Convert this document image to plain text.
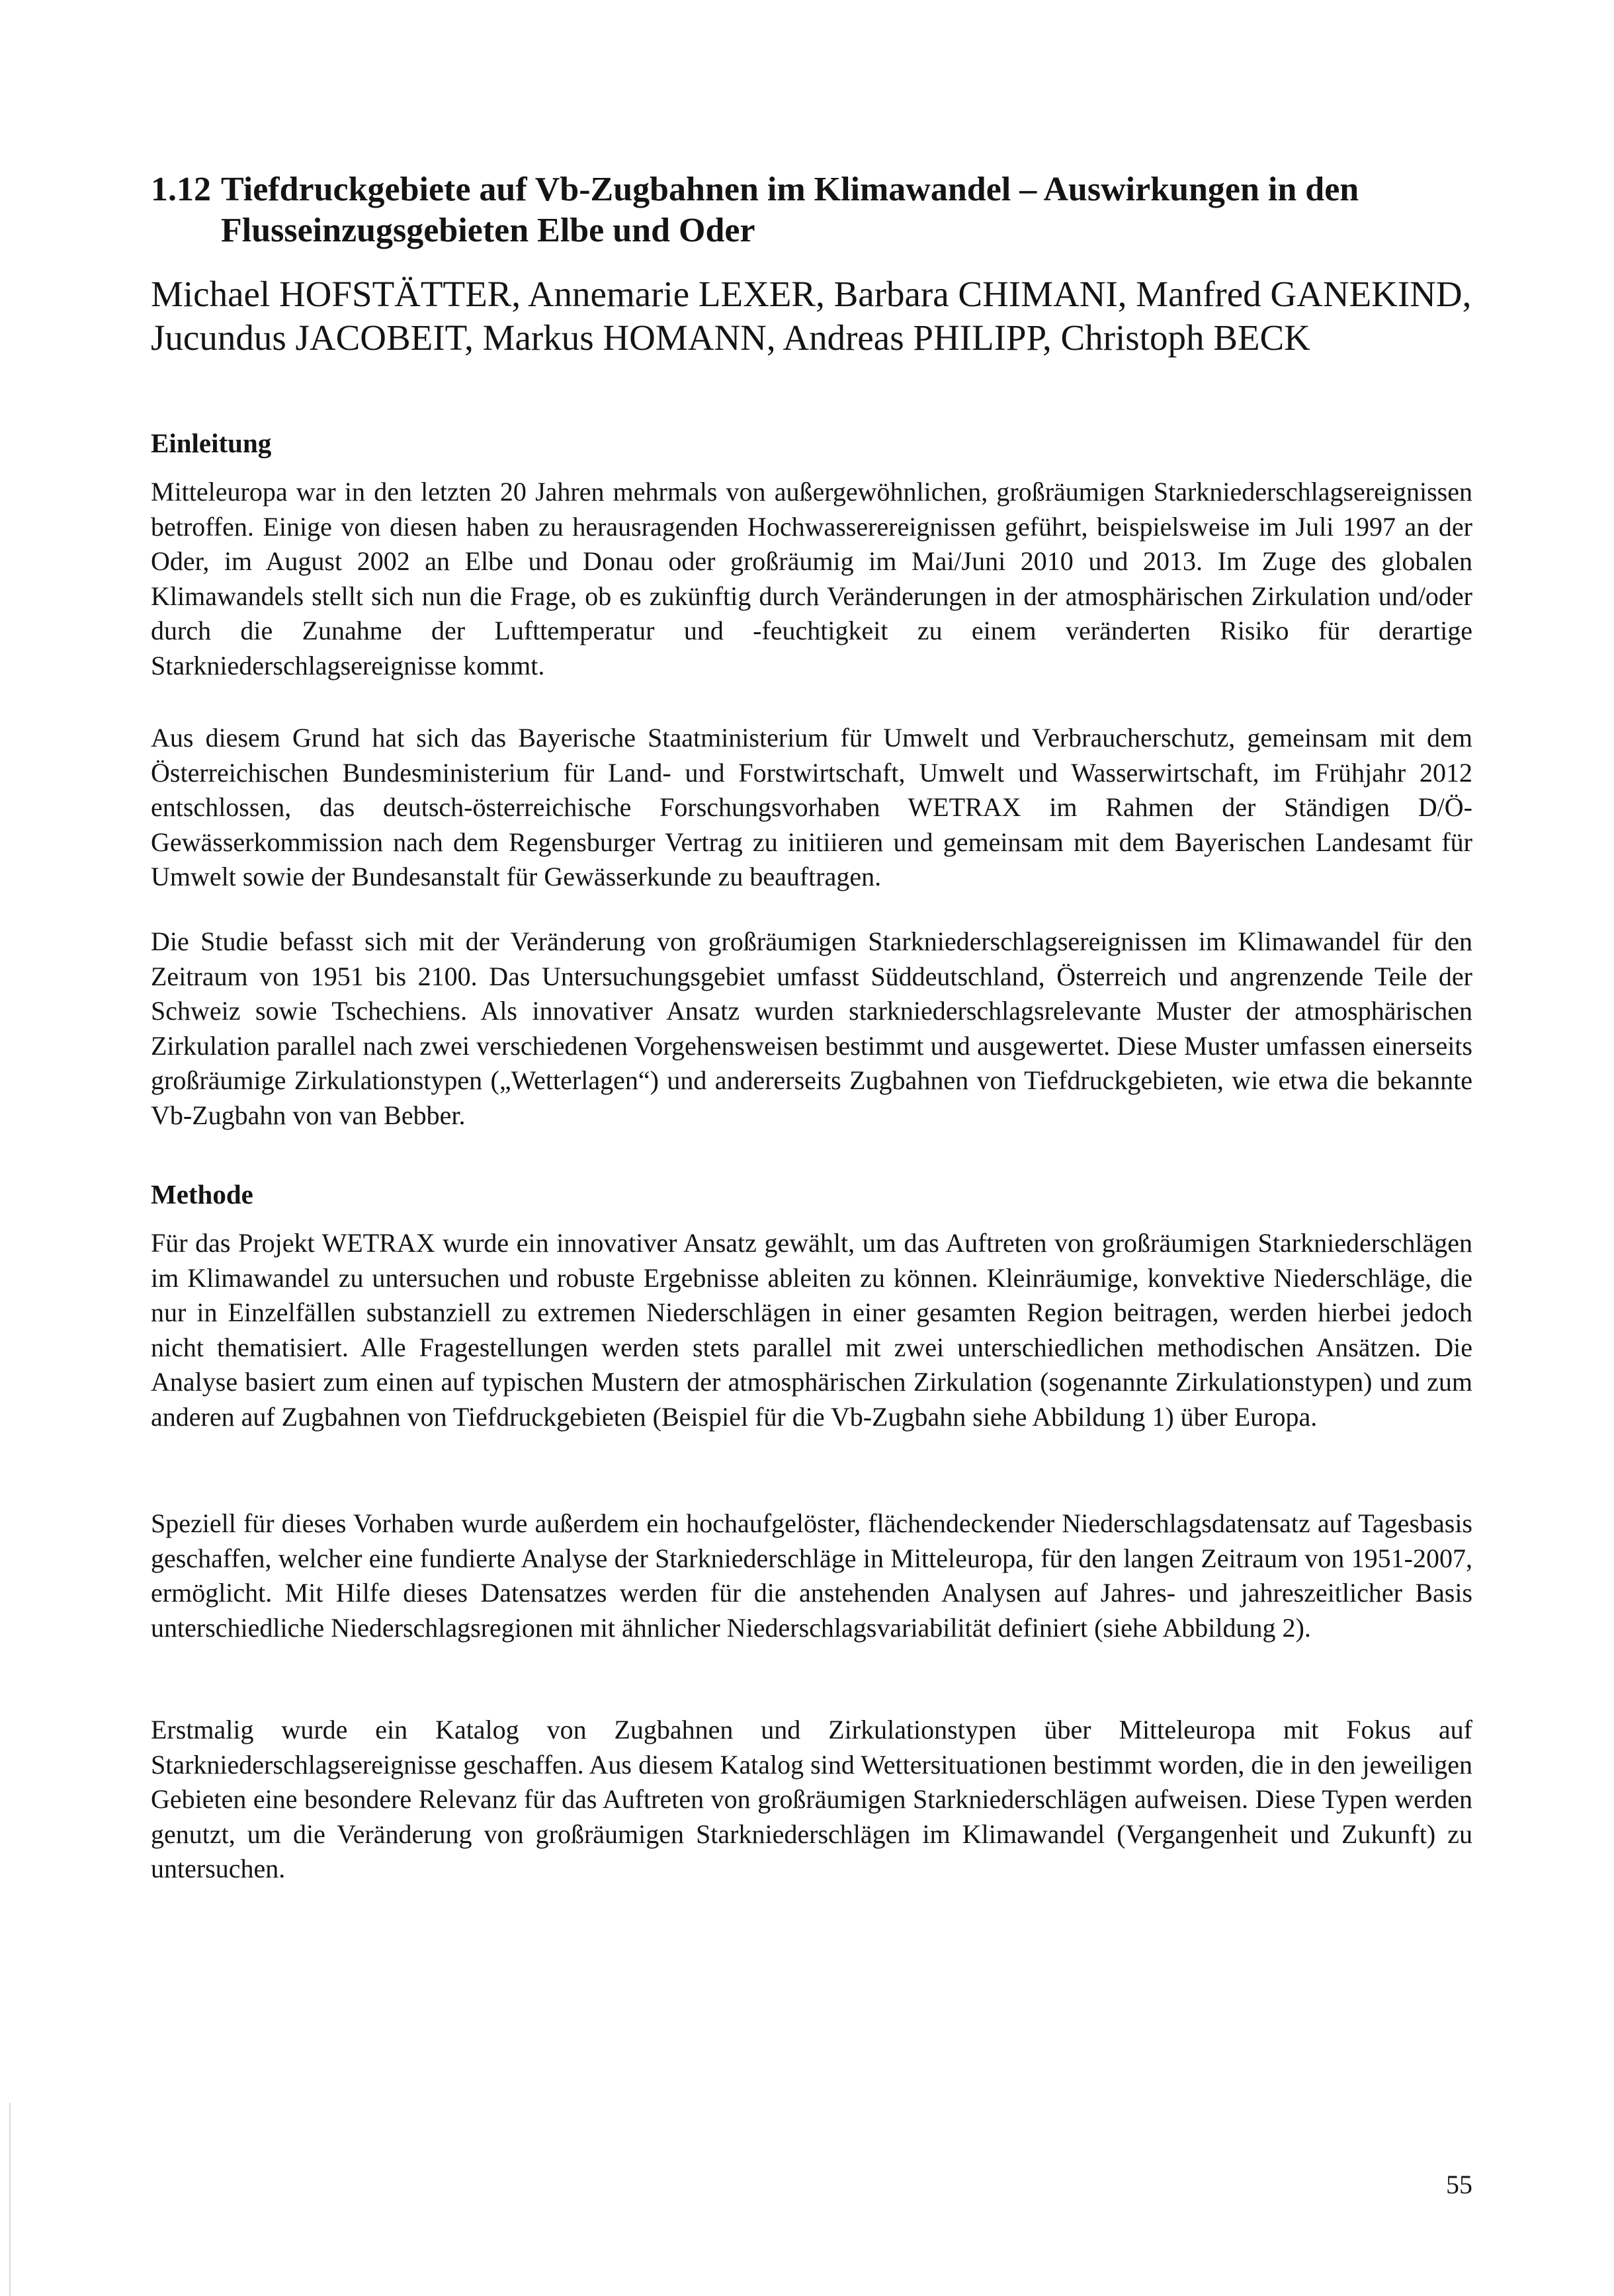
1.12 Tiefdruckgebiete auf Vb-Zugbahnen im Klimawandel – Auswirkungen in den Flusseinzugsgebieten Elbe und Oder

Michael HOFSTÄTTER, Annemarie LEXER, Barbara CHIMANI, Manfred GANEKIND, Jucundus JACOBEIT, Markus HOMANN, Andreas PHILIPP, Christoph BECK

Einleitung

Mitteleuropa war in den letzten 20 Jahren mehrmals von außergewöhnlichen, großräumigen Starkniederschlagsereignissen betroffen. Einige von diesen haben zu herausragenden Hochwasserereignissen geführt, beispielsweise im Juli 1997 an der Oder, im August 2002 an Elbe und Donau oder großräumig im Mai/Juni 2010 und 2013. Im Zuge des globalen Klimawandels stellt sich nun die Frage, ob es zukünftig durch Veränderungen in der atmosphärischen Zirkulation und/oder durch die Zunahme der Lufttemperatur und -feuchtigkeit zu einem veränderten Risiko für derartige Starkniederschlagsereignisse kommt.

Aus diesem Grund hat sich das Bayerische Staatministerium für Umwelt und Verbraucherschutz, gemeinsam mit dem Österreichischen Bundesministerium für Land- und Forstwirtschaft, Umwelt und Wasserwirtschaft, im Frühjahr 2012 entschlossen, das deutsch-österreichische Forschungsvorhaben WETRAX im Rahmen der Ständigen D/Ö-Gewässerkommission nach dem Regensburger Vertrag zu initiieren und gemeinsam mit dem Bayerischen Landesamt für Umwelt sowie der Bundesanstalt für Gewässerkunde zu beauftragen.

Die Studie befasst sich mit der Veränderung von großräumigen Starkniederschlagsereignissen im Klimawandel für den Zeitraum von 1951 bis 2100. Das Untersuchungsgebiet umfasst Süddeutschland, Österreich und angrenzende Teile der Schweiz sowie Tschechiens. Als innovativer Ansatz wurden starkniederschlagsrelevante Muster der atmosphärischen Zirkulation parallel nach zwei verschiedenen Vorgehensweisen bestimmt und ausgewertet. Diese Muster umfassen einerseits großräumige Zirkulationstypen („Wetterlagen“) und andererseits Zugbahnen von Tiefdruckgebieten, wie etwa die bekannte Vb-Zugbahn von van Bebber.

Methode

Für das Projekt WETRAX wurde ein innovativer Ansatz gewählt, um das Auftreten von großräumigen Starkniederschlägen im Klimawandel zu untersuchen und robuste Ergebnisse ableiten zu können. Kleinräumige, konvektive Niederschläge, die nur in Einzelfällen substanziell zu extremen Niederschlägen in einer gesamten Region beitragen, werden hierbei jedoch nicht thematisiert. Alle Fragestellungen werden stets parallel mit zwei unterschiedlichen methodischen Ansätzen. Die Analyse basiert zum einen auf typischen Mustern der atmosphärischen Zirkulation (sogenannte Zirkulationstypen) und zum anderen auf Zugbahnen von Tiefdruckgebieten (Beispiel für die Vb-Zugbahn siehe Abbildung 1) über Europa.

Speziell für dieses Vorhaben wurde außerdem ein hochaufgelöster, flächendeckender Niederschlagsdatensatz auf Tagesbasis geschaffen, welcher eine fundierte Analyse der Starkniederschläge in Mitteleuropa, für den langen Zeitraum von 1951-2007, ermöglicht. Mit Hilfe dieses Datensatzes werden für die anstehenden Analysen auf Jahres- und jahreszeitlicher Basis unterschiedliche Niederschlagsregionen mit ähnlicher Niederschlagsvariabilität definiert (siehe Abbildung 2).

Erstmalig wurde ein Katalog von Zugbahnen und Zirkulationstypen über Mitteleuropa mit Fokus auf Starkniederschlagsereignisse geschaffen. Aus diesem Katalog sind Wettersituationen bestimmt worden, die in den jeweiligen Gebieten eine besondere Relevanz für das Auftreten von großräumigen Starkniederschlägen aufweisen. Diese Typen werden genutzt, um die Veränderung von großräumigen Starkniederschlägen im Klimawandel (Vergangenheit und Zukunft) zu untersuchen.

55
